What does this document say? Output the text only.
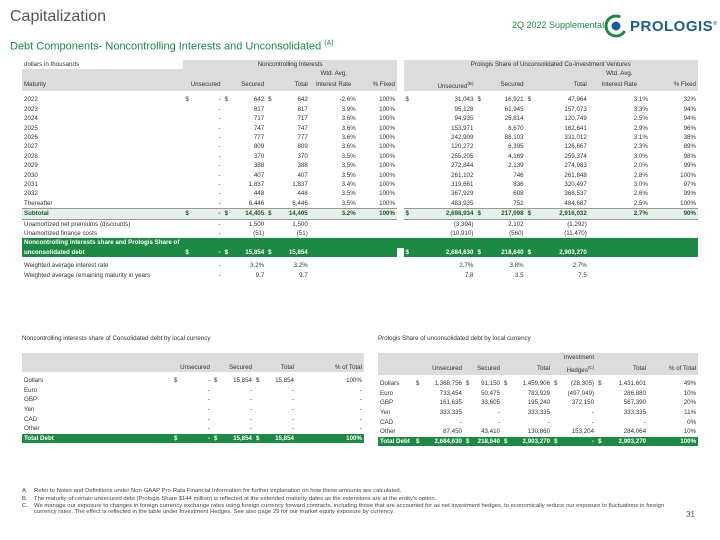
Capitalization
Debt Components- Noncontrolling Interests and Unconsolidated $^{(A)}$
2Q 2022 Supplemental PROLOGIS®
dollars in thousands	Noncontrolling Interests									Prologis Share of Unconsolidated Co-Investment Ventures							
							Wtd. Avg.									Wtd. Avg.	
Maturity	Unsecured		Secured		Total		Interest Rate	% Fixed		Unsecured$^{(B)}$		Secured		Total		Interest Rate	% Fixed

2022	$	-	$	642	$	642	-2.6%	100%		$	31,043	$	16,921	$	47,964	3.1%	32%
2023		-		817		817	3.9%	100%			95,128		61,945		157,073	3.3%	94%
2024		-		717		717	3.6%	100%			94,935		25,814		120,749	2.5%	94%
2025		-		747		747	3.6%	100%			153,971		8,670		162,641	2.9%	96%
2026		-		777		777	3.6%	100%			242,909		88,103		331,012	3.1%	38%
2027		-		809		809	3.6%	100%			120,272		6,395		126,667	2.3%	89%
2028		-		370		370	3.5%	100%			255,205		4,169		259,374	3.0%	98%
2029		-		388		388	3.5%	100%			272,844		2,139		274,983	2.0%	99%
2030		-		407		407	3.5%	100%			261,102		746		261,848	2.8%	100%
2031		-		1,837		1,837	3.4%	100%			319,661		836		320,497	3.0%	97%
2032		-		448		448	3.5%	100%			367,929		608		368,537	2.6%	99%
Thereafter		-		6,446		6,446	3.5%	100%			483,935		752		484,687	2.5%	100%
Subtotal	$	-	$	14,405	$	14,405	3.2%	100%		$	2,698,934	$	217,098	$	2,916,032	2.7%	90%
Unamortized net premiums (discounts)		-		1,500		1,500					(3,394)		2,102		(1,292)		
Unamortized finance costs		-		(51)		(51)					(10,910)		(560)		(11,470)		
Noncontrolling interests share and Prologis Share of																	
unconsolidated debt	$	-	$	15,854	$	15,854				$	2,684,630	$	218,640	$	2,903,270		

Weighted average interest rate		-		3.2%		3.2%					2.7%		3.8%		2.7%		
Weighted average remaining maturity in years		-		9.7		9.7					7.8		3.5		7.5		
Noncontrolling interests share of Consolidated debt by local currency

	Unsecured		Secured		Total		% of Total

Dollars	$	-	$	15,854	$	15,854	100%
Euro		-		-		-	-
GBP		-		-		-	-
Yen		-		-		-	-
CAD		-		-		-	-
Other		-		-		-	-
Total Debt	$	-	$	15,854	$	15,854	100%
Prologis Share of unconsolidated debt by local currency
							Investment				
	Unsecured		Secured		Total		Hedges$^{(C)}$		Total		% of Total

Dollars	$	1,368,756	$	91,150	$	1,459,906	$	(28,305)	$	1,431,601	49%
Euro		733,454		50,475		783,929		(497,049)		286,880	10%
GBP		161,635		33,605		195,240		372,150		567,390	20%
Yen		333,335		-		333,335		-		333,335	11%
CAD		-		-		-		-		-	0%
Other		87,450		43,410		130,860		153,204		284,064	10%
Total Debt	$	2,684,630	$	218,640	$	2,903,270	$	-	$	2,903,270	100%
A.	Refer to Notes and Definitions under Non-GAAP Pro-Rata Financial Information for further explanation on how these amounts are calculated.
B.	The maturity of certain unsecured debt (Prologis Share $144 million) is reflected at the extended maturity dates as the extensions are at the entity's option.
C.	We manage our exposure to changes in foreign currency exchange rates using foreign currency forward contracts, including those that are accounted for as net investment hedges, to economically reduce our exposure to fluctuations in foreign currency rates. The effect is reflected in the table under Investment Hedges. See also page 29 for our market equity exposure by currency.	31
